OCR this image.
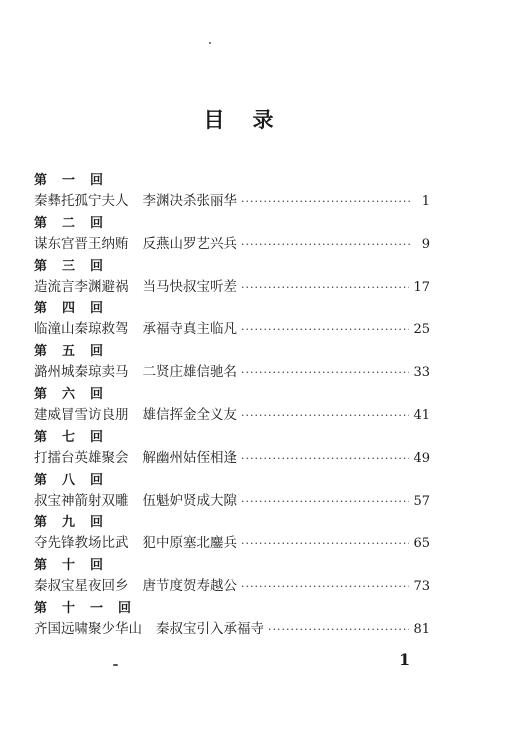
目录
第 一 回
秦彝托孤宁夫人 李渊决杀张丽华 ·····	1
第 二 回
谋东宫晋王纳贿 反燕山罗艺兴兵 ·····	9
第 三 回
造流言李渊避祸 当马快叔宝听差 ·····	17
第 四 回
临潼山秦琼救驾 承福寺真主临凡 ·····	25
第 五 回
潞州城秦琼卖马 二贤庄雄信驰名 ·····	33
第 六 回
建威冒雪访良朋 雄信挥金全义友 ·····	41
第 七 回
打擂台英雄聚会 解幽州姑侄相逢 ·····	49
第 八 回
叔宝神箭射双雕 伍魁妒贤成大隙 ·····	57
第 九 回
夺先锋教场比武 犯中原塞北鏖兵 ·····	65
第 十 回
秦叔宝星夜回乡 唐节度贺寿越公 ·····	73
第 十 一 回
齐国远啸聚少华山 秦叔宝引入承福寺 ·····	81
1
